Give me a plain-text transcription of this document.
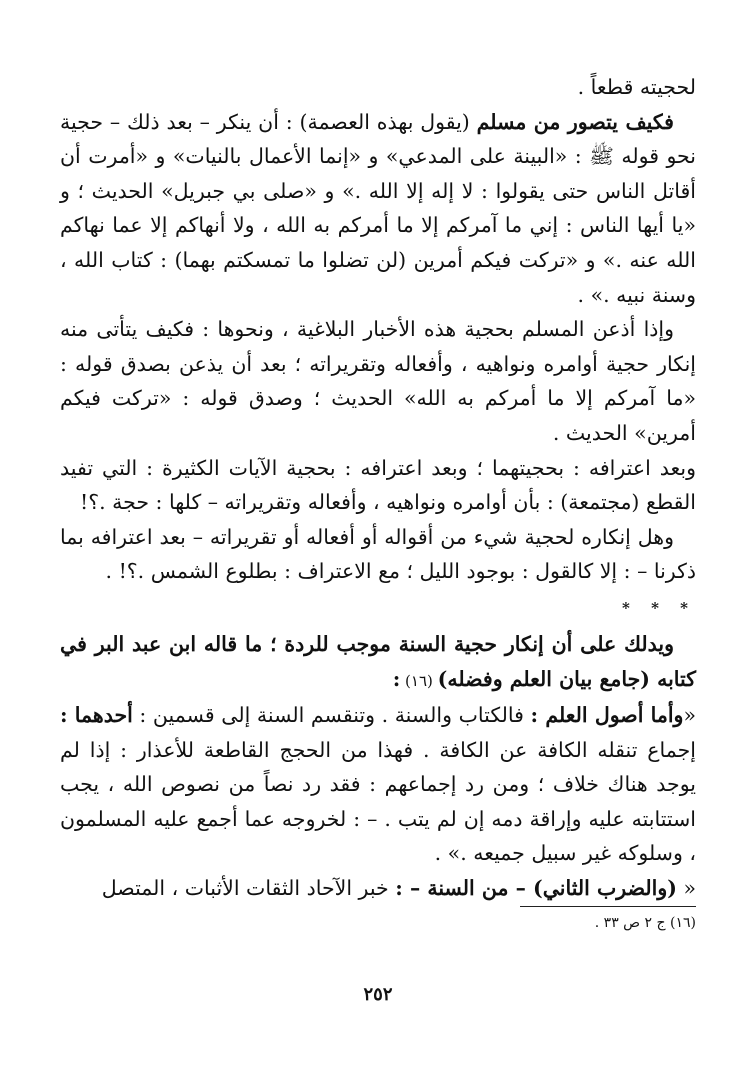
لحجيته قطعاً .

فكيف يتصور من مسلم (يقول بهذه العصمة) : أن ينكر – بعد ذلك – حجية نحو قوله ﷺ : «البينة على المدعي» و «إنما الأعمال بالنيات» و «أمرت أن أقاتل الناس حتى يقولوا : لا إله إلا الله .» و «صلى بي جبريل» الحديث ؛ و «يا أيها الناس : إني ما آمركم إلا ما أمركم به الله ، ولا أنهاكم إلا عما نهاكم الله عنه .» و «تركت فيكم أمرين (لن تضلوا ما تمسكتم بهما) : كتاب الله ، وسنة نبيه .» .

وإذا أذعن المسلم بحجية هذه الأخبار البلاغية ، ونحوها : فكيف يتأتى منه إنكار حجية أوامره ونواهيه ، وأفعاله وتقريراته ؛ بعد أن يذعن بصدق قوله : «ما آمركم إلا ما أمركم به الله» الحديث ؛ وصدق قوله : «تركت فيكم أمرين» الحديث .

وبعد اعترافه : بحجيتهما ؛ وبعد اعترافه : بحجية الآيات الكثيرة : التي تفيد القطع (مجتمعة) : بأن أوامره ونواهيه ، وأفعاله وتقريراته – كلها : حجة .؟!

وهل إنكاره لحجية شيء من أقواله أو أفعاله أو تقريراته – بعد اعترافه بما ذكرنا – : إلا كالقول : بوجود الليل ؛ مع الاعتراف : بطلوع الشمس .؟! .

* * *

ويدلك على أن إنكار حجية السنة موجب للردة ؛ ما قاله ابن عبد البر في كتابه (جامع بيان العلم وفضله) (١٦) :

«وأما أصول العلم : فالكتاب والسنة . وتنقسم السنة إلى قسمين : أحدهما : إجماع تنقله الكافة عن الكافة . فهذا من الحجج القاطعة للأعذار : إذا لم يوجد هناك خلاف ؛ ومن رد إجماعهم : فقد رد نصاً من نصوص الله ، يجب استتابته عليه وإراقة دمه إن لم يتب . – : لخروجه عما أجمع عليه المسلمون ، وسلوكه غير سبيل جميعه .» .

« (والضرب الثاني) – من السنة – : خبر الآحاد الثقات الأثبات ، المتصل

(١٦) ج ٢ ص ٣٣ .
٢٥٢
